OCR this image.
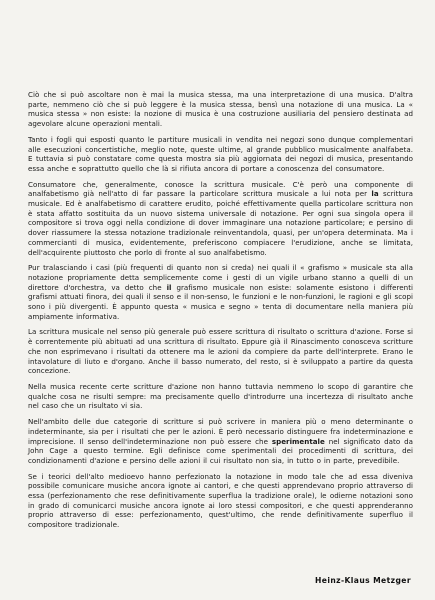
Ciò che si può ascoltare non è mai la musica stessa, ma una interpretazione di una musica. D'altra parte, nemmeno ciò che si può leggere è la musica stessa, bensì una notazione di una musica. La « musica stessa » non esiste: la nozione di musica è una costruzione ausiliaria del pensiero destinata ad agevolare alcune operazioni mentali.

Tanto i fogli qui esposti quanto le partiture musicali in vendita nei negozi sono dunque complementari alle esecuzioni concertistiche, meglio note, queste ultime, al grande pubblico musicalmente analfabeta. E tuttavia si può constatare come questa mostra sia più aggiornata dei negozi di musica, presentando essa anche e soprattutto quello che là si rifiuta ancora di portare a conoscenza del consumatore.

Consumatore che, generalmente, conosce la scrittura musicale. C'è però una componente di analfabetismo già nell'atto di far passare la particolare scrittura musicale a lui nota per la scrittura musicale. Ed è analfabetismo di carattere erudito, poiché effettivamente quella particolare scrittura non è stata affatto sostituita da un nuovo sistema universale di notazione. Per ogni sua singola opera il compositore si trova oggi nella condizione di dover immaginare una notazione particolare; e persino di dover riassumere la stessa notazione tradizionale reinventandola, quasi, per un'opera determinata. Ma i commercianti di musica, evidentemente, preferiscono compiacere l'erudizione, anche se limitata, dell'acquirente piuttosto che porlo di fronte al suo analfabetismo.

Pur tralasciando i casi (più frequenti di quanto non si creda) nei quali il « grafismo » musicale sta alla notazione propriamente detta semplicemente come i gesti di un vigile urbano stanno a quelli di un direttore d'orchestra, va detto che il grafismo musicale non esiste: solamente esistono i differenti grafismi attuati finora, dei quali il senso e il non-senso, le funzioni e le non-funzioni, le ragioni e gli scopi sono i più divergenti. È appunto questa « musica e segno » tenta di documentare nella maniera più ampiamente informativa.

La scrittura musicale nel senso più generale può essere scrittura di risultato o scrittura d'azione. Forse si è correntemente più abituati ad una scrittura di risultato. Eppure già il Rinascimento conosceva scritture che non esprimevano i risultati da ottenere ma le azioni da compiere da parte dell'interprete. Erano le intavolature di liuto e d'organo. Anche il basso numerato, del resto, si è sviluppato a partire da questa concezione.

Nella musica recente certe scritture d'azione non hanno tuttavia nemmeno lo scopo di garantire che qualche cosa ne risulti sempre: ma precisamente quello d'introdurre una incertezza di risultato anche nel caso che un risultato vi sia.

Nell'ambito delle due categorie di scritture si può scrivere in maniera più o meno determinante o indeterminante, sia per i risultati che per le azioni. È però necessario distinguere fra indeterminazione e imprecisione. Il senso dell'indeterminazione non può essere che sperimentale nel significato dato da John Cage a questo termine. Egli definisce come sperimentali dei procedimenti di scrittura, dei condizionamenti d'azione e persino delle azioni il cui risultato non sia, in tutto o in parte, prevedibile.

Se i teorici dell'alto medioevo hanno perfezionato la notazione in modo tale che ad essa diveniva possibile comunicare musiche ancora ignote ai cantori, e che questi apprendevano proprio attraverso di essa (perfezionamento che rese definitivamente superflua la tradizione orale), le odierne notazioni sono in grado di comunicarci musiche ancora ignote ai loro stessi compositori, e che questi apprenderanno proprio attraverso di esse: perfezionamento, quest'ultimo, che rende definitivamente superfluo il compositore tradizionale.

Heinz-Klaus Metzger
